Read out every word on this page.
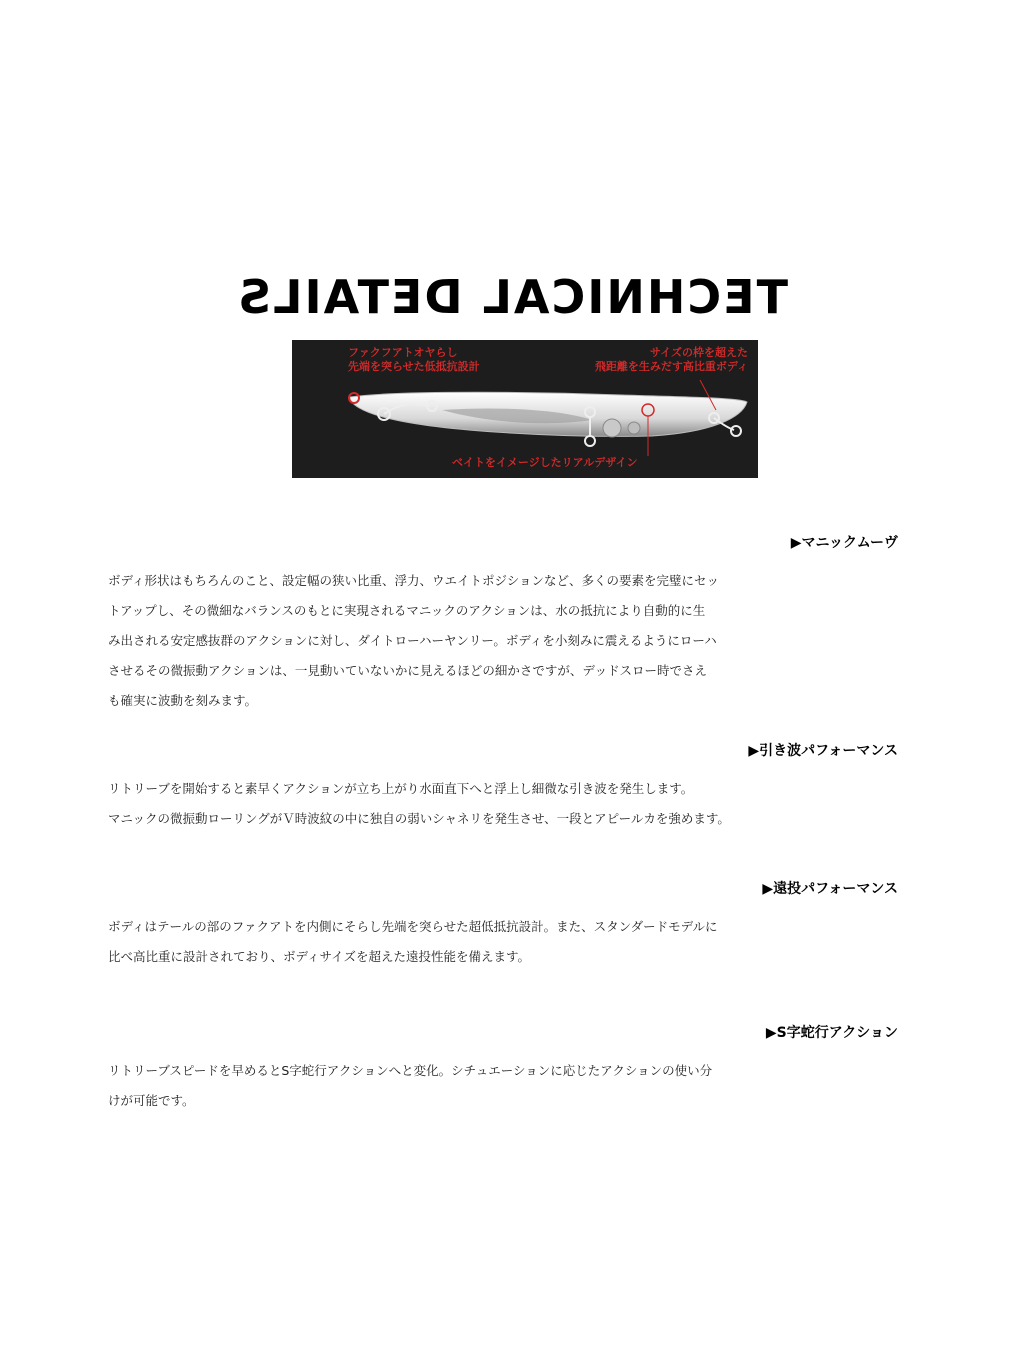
TECHNICAL DETAILS
ファクフアトオヤらし
先端を突らせた低抵抗設計
サイズの枠を超えた
飛距離を生みだす高比重ボディ
ベイトをイメージしたリアルデザイン
▶マニックムーヴ

ボディ形状はもちろんのこと、設定幅の狭い比重、浮力、ウエイトポジションなど、多くの要素を完璧にセッ

トアップし、その微細なバランスのもとに実現されるマニックのアクションは、水の抵抗により自動的に生

み出される安定感抜群のアクションに対し、ダイトローハーヤンリー。ボディを小刻みに震えるようにローハ

させるその微振動アクションは、一見動いていないかに見えるほどの細かさですが、デッドスロー時でさえ

も確実に波動を刻みます。

▶引き波パフォーマンス

リトリーブを開始すると素早くアクションが立ち上がり水面直下へと浮上し細微な引き波を発生します。

マニックの微振動ローリングがＶ時波紋の中に独自の弱いシャネリを発生させ、一段とアピールカを強めます。

▶遠投パフォーマンス

ボディはテールの部のファクアトを内側にそらし先端を突らせた超低抵抗設計。また、スタンダードモデルに

比べ高比重に設計されており、ボディサイズを超えた遠投性能を備えます。

▶S字蛇行アクション

リトリーブスピードを早めるとS字蛇行アクションへと変化。シチュエーションに応じたアクションの使い分

けが可能です。
